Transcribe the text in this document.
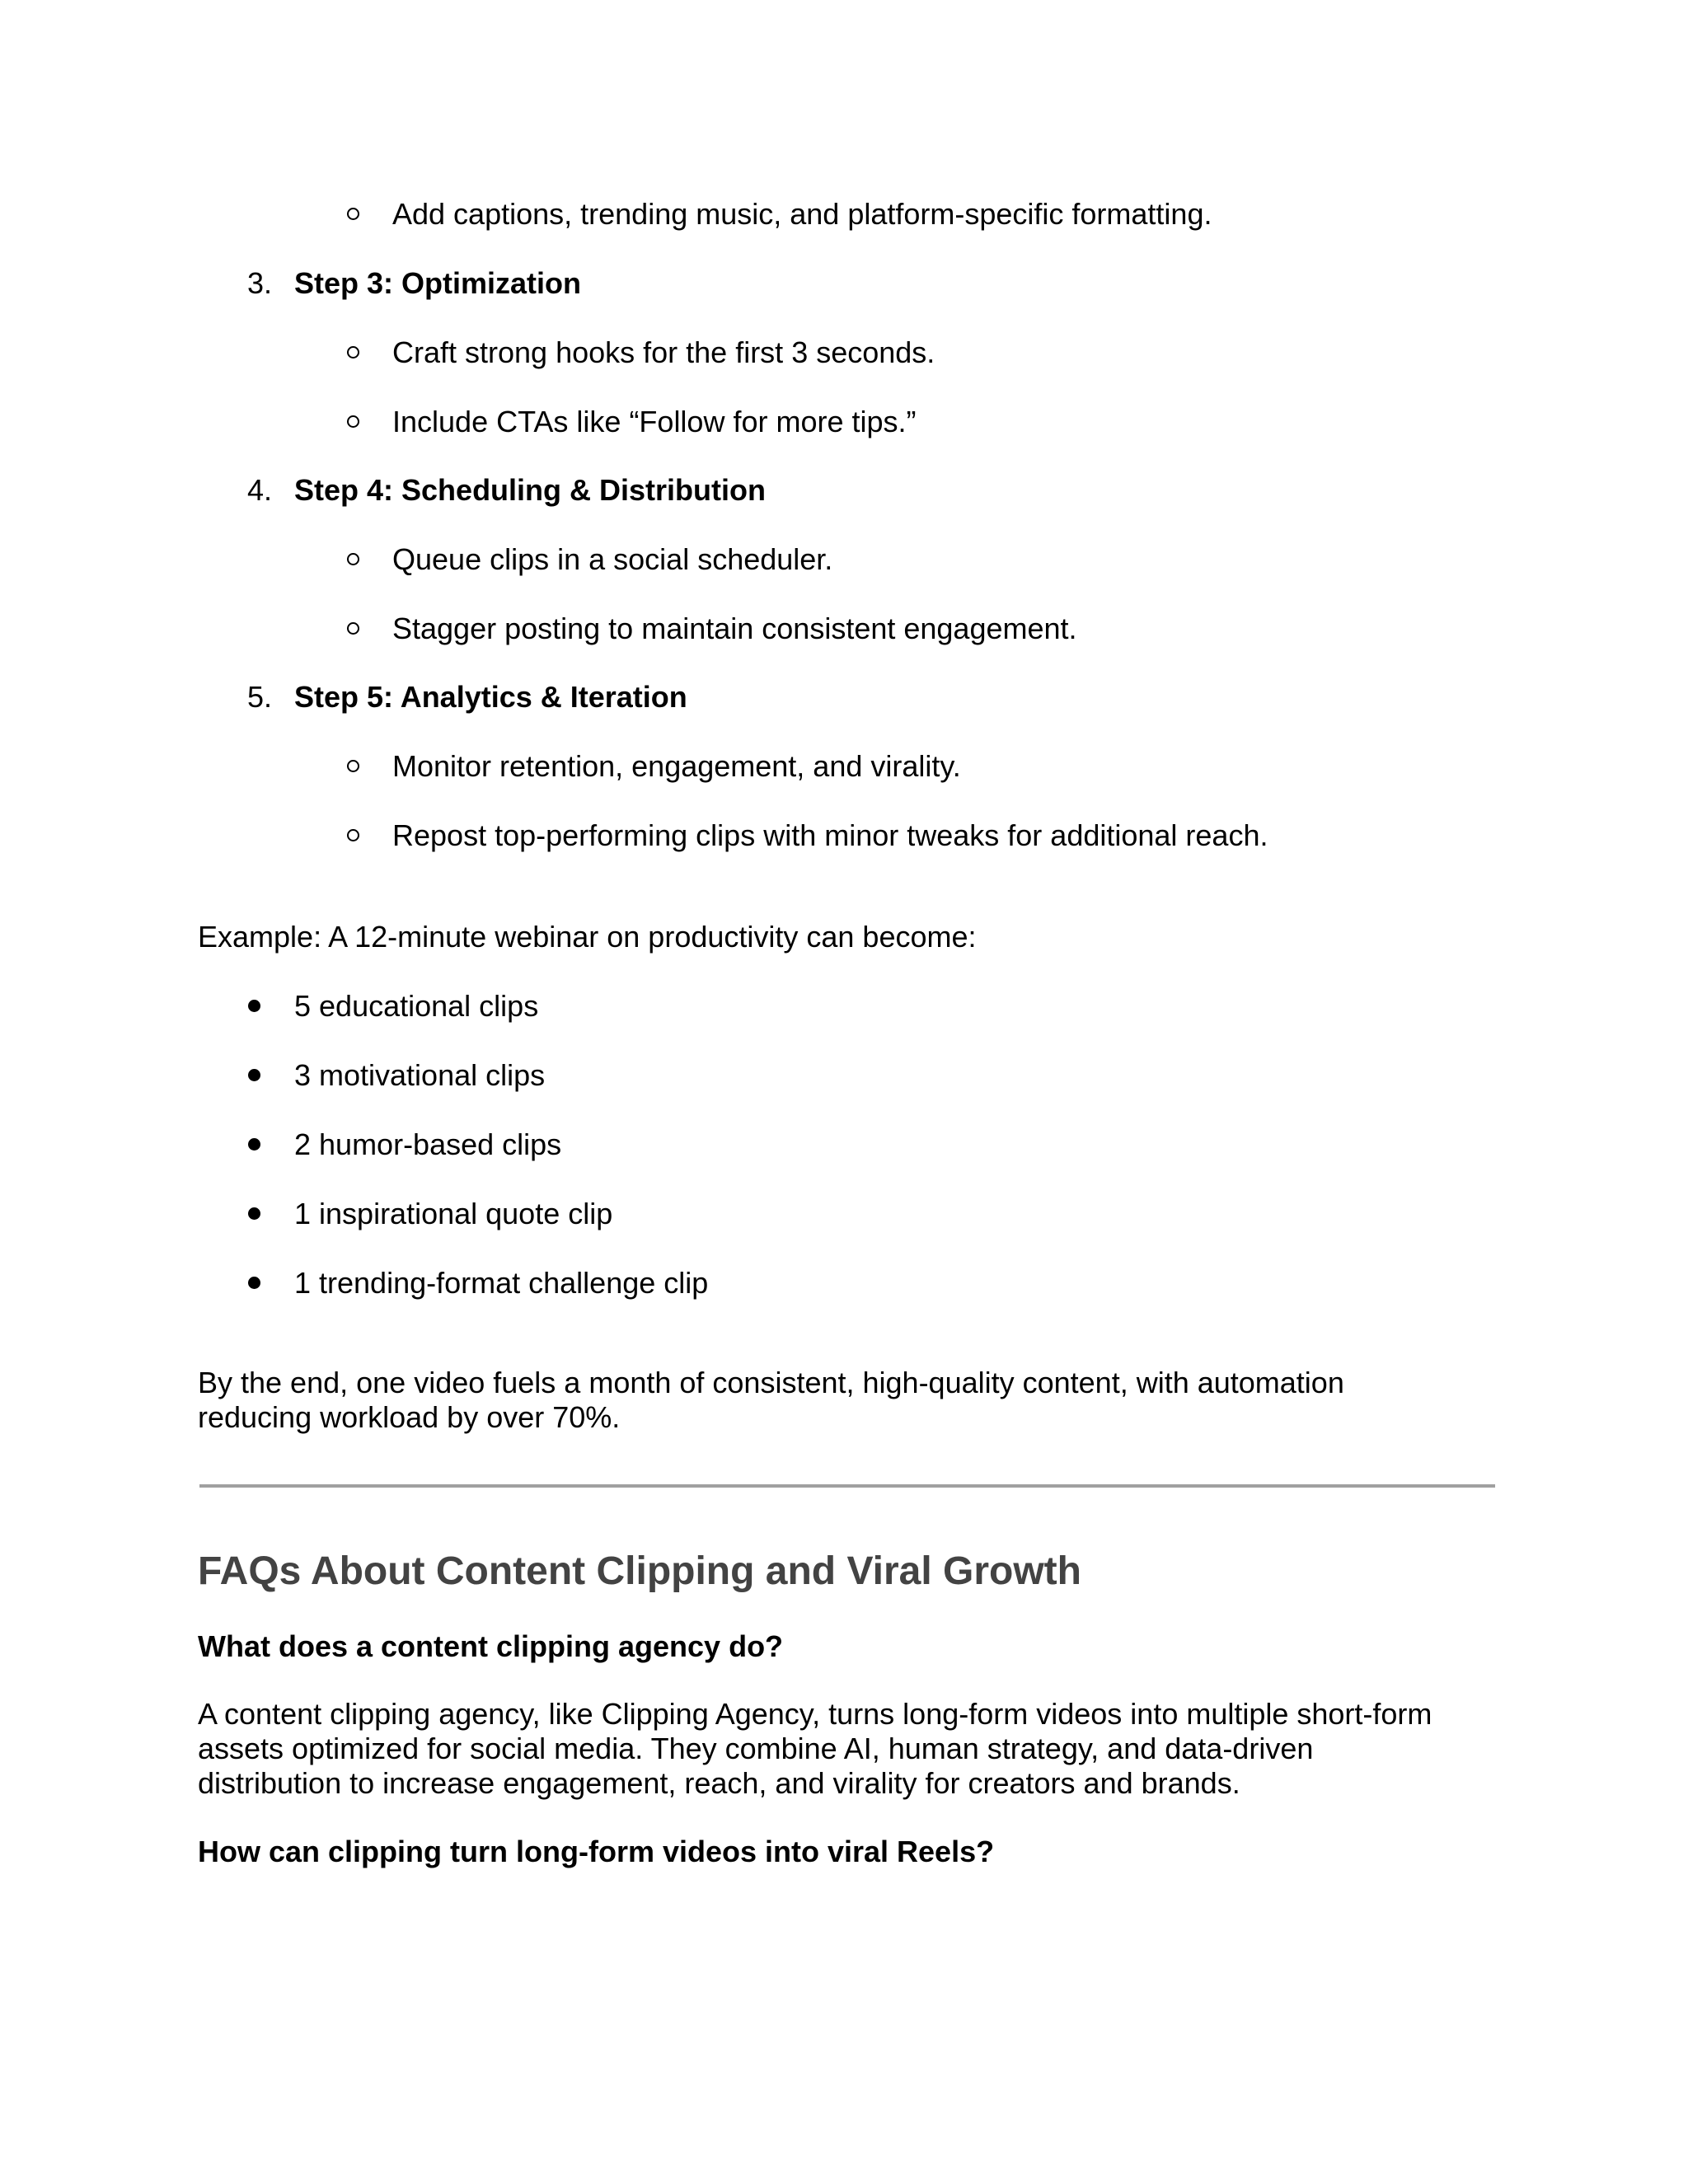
Add captions, trending music, and platform-specific formatting.
3. Step 3: Optimization
Craft strong hooks for the first 3 seconds.
Include CTAs like “Follow for more tips.”
4. Step 4: Scheduling & Distribution
Queue clips in a social scheduler.
Stagger posting to maintain consistent engagement.
5. Step 5: Analytics & Iteration
Monitor retention, engagement, and virality.
Repost top-performing clips with minor tweaks for additional reach.
Example: A 12-minute webinar on productivity can become:
5 educational clips
3 motivational clips
2 humor-based clips
1 inspirational quote clip
1 trending-format challenge clip
By the end, one video fuels a month of consistent, high-quality content, with automation
reducing workload by over 70%.
FAQs About Content Clipping and Viral Growth
What does a content clipping agency do?
A content clipping agency, like Clipping Agency, turns long-form videos into multiple short-form
assets optimized for social media. They combine AI, human strategy, and data-driven
distribution to increase engagement, reach, and virality for creators and brands.
How can clipping turn long-form videos into viral Reels?
